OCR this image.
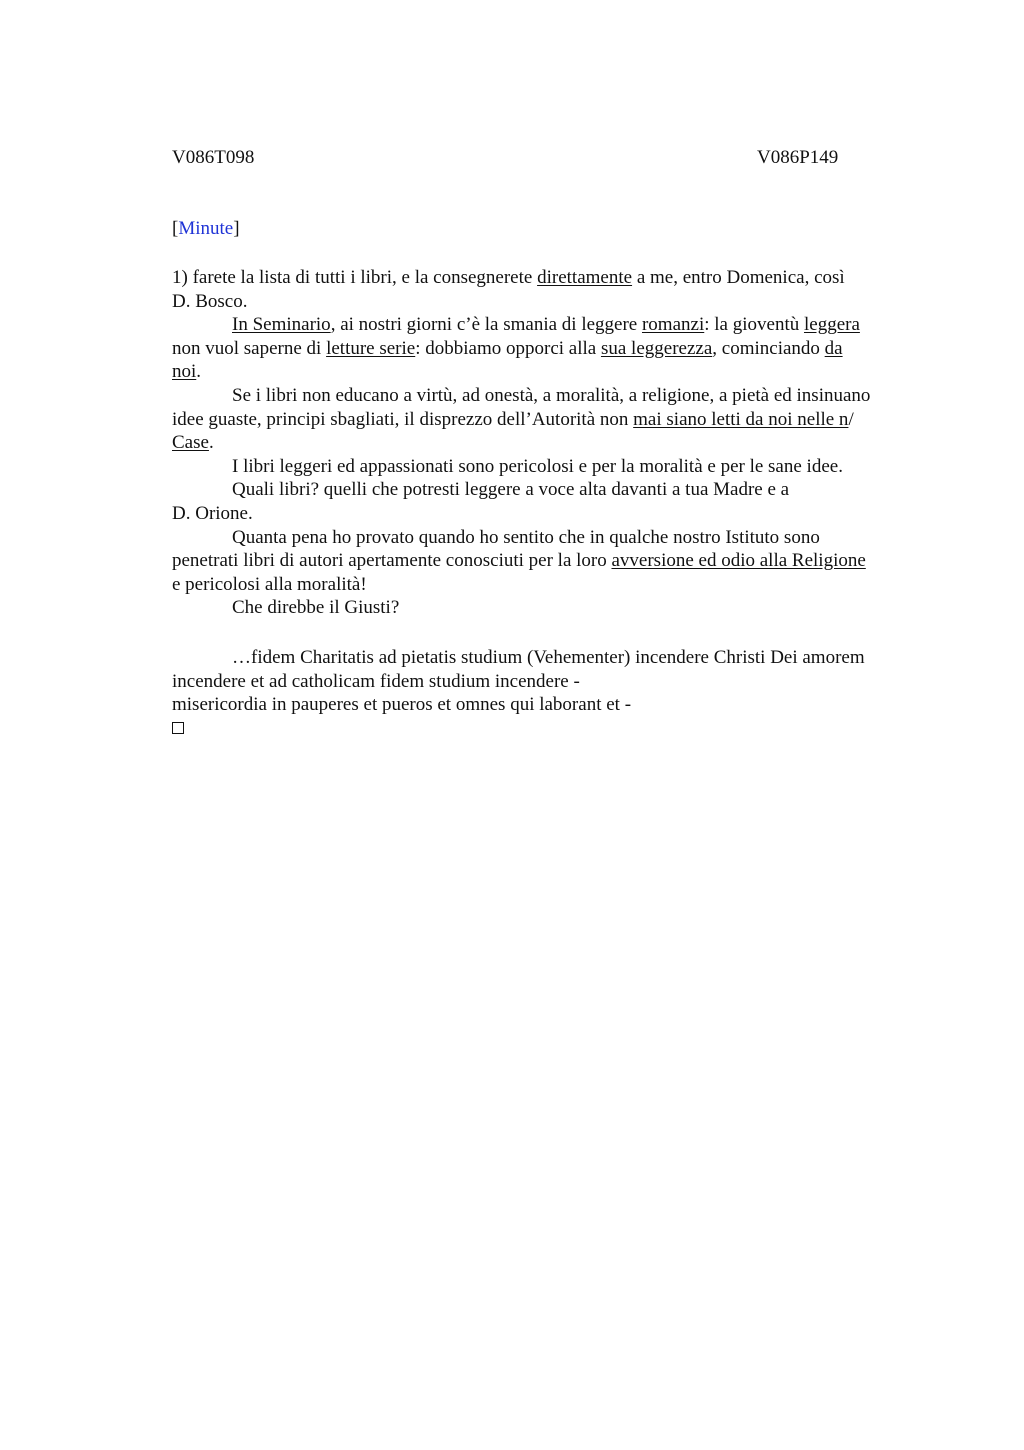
V086T098	V086P149
[Minute]
1) farete la lista di tutti i libri, e la consegnerete direttamente a me, entro Domenica, così
D. Bosco.
In Seminario, ai nostri giorni c’è la smania di leggere romanzi: la gioventù leggera
non vuol saperne di letture serie: dobbiamo opporci alla sua leggerezza, cominciando da
noi.
Se i libri non educano a virtù, ad onestà, a moralità, a religione, a pietà ed insinuano
idee guaste, principi sbagliati, il disprezzo dell’Autorità non mai siano letti da noi nelle n/
Case.
I libri leggeri ed appassionati sono pericolosi e per la moralità e per le sane idee.
Quali libri? quelli che potresti leggere a voce alta davanti a tua Madre e a
D. Orione.
Quanta pena ho provato quando ho sentito che in qualche nostro Istituto sono
penetrati libri di autori apertamente conosciuti per la loro avversione ed odio alla Religione
e pericolosi alla moralità!
Che direbbe il Giusti?
…fidem Charitatis ad pietatis studium (Vehementer) incendere Christi Dei amorem
incendere et ad catholicam fidem studium incendere -
misericordia in pauperes et pueros et omnes qui laborant et -
